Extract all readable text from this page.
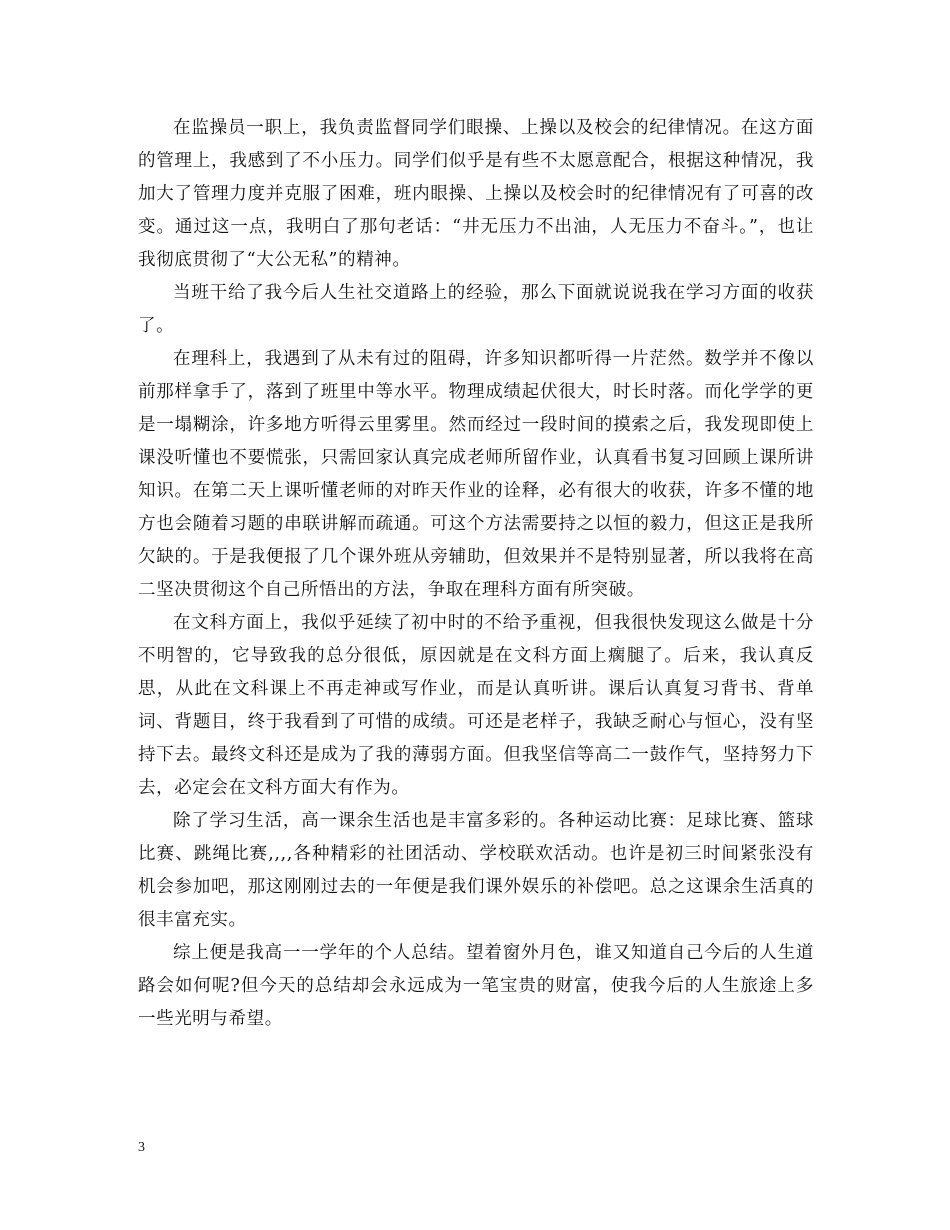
在监操员一职上，我负责监督同学们眼操、上操以及校会的纪律情况。在这方面的管理上，我感到了不小压力。同学们似乎是有些不太愿意配合，根据这种情况，我加大了管理力度并克服了困难，班内眼操、上操以及校会时的纪律情况有了可喜的改变。通过这一点，我明白了那句老话：“井无压力不出油，人无压力不奋斗。”，也让我彻底贯彻了“大公无私”的精神。

当班干给了我今后人生社交道路上的经验，那么下面就说说我在学习方面的收获了。

在理科上，我遇到了从未有过的阻碍，许多知识都听得一片茫然。数学并不像以前那样拿手了，落到了班里中等水平。物理成绩起伏很大，时长时落。而化学学的更是一塌糊涂，许多地方听得云里雾里。然而经过一段时间的摸索之后，我发现即使上课没听懂也不要慌张，只需回家认真完成老师所留作业，认真看书复习回顾上课所讲知识。在第二天上课听懂老师的对昨天作业的诠释，必有很大的收获，许多不懂的地方也会随着习题的串联讲解而疏通。可这个方法需要持之以恒的毅力，但这正是我所欠缺的。于是我便报了几个课外班从旁辅助，但效果并不是特别显著，所以我将在高二坚决贯彻这个自己所悟出的方法，争取在理科方面有所突破。

在文科方面上，我似乎延续了初中时的不给予重视，但我很快发现这么做是十分不明智的，它导致我的总分很低，原因就是在文科方面上瘸腿了。后来，我认真反思，从此在文科课上不再走神或写作业，而是认真听讲。课后认真复习背书、背单词、背题目，终于我看到了可惜的成绩。可还是老样子，我缺乏耐心与恒心，没有坚持下去。最终文科还是成为了我的薄弱方面。但我坚信等高二一鼓作气，坚持努力下去，必定会在文科方面大有作为。

除了学习生活，高一课余生活也是丰富多彩的。各种运动比赛：足球比赛、篮球比赛、跳绳比赛,,,,各种精彩的社团活动、学校联欢活动。也许是初三时间紧张没有机会参加吧，那这刚刚过去的一年便是我们课外娱乐的补偿吧。总之这课余生活真的很丰富充实。

综上便是我高一一学年的个人总结。望着窗外月色，谁又知道自己今后的人生道路会如何呢?但今天的总结却会永远成为一笔宝贵的财富，使我今后的人生旅途上多一些光明与希望。

3
